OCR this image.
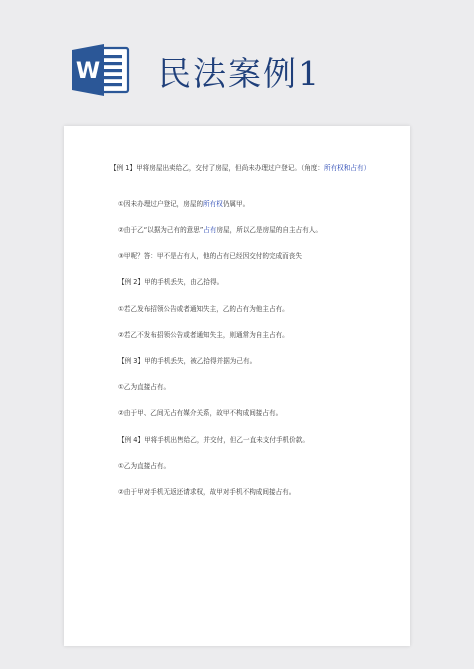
W 民法案例1
【例 1】甲将房屋出卖给乙，交付了房屋，但尚未办理过户登记。（角度：所有权和占有）
①因未办理过户登记，房屋的所有权仍属甲。
②由于乙“以据为己有的意思”占有房屋，所以乙是房屋的自主占有人。
③甲呢？答：甲不是占有人，他的占有已经因交付的完成而丧失
【例 2】甲的手机丢失，由乙拾得。
①若乙发布招领公告或者通知失主，乙的占有为他主占有。
②若乙不发布招领公告或者通知失主，则通常为自主占有。
【例 3】甲的手机丢失，被乙拾得并据为己有。
①乙为直接占有。
②由于甲、乙间无占有媒介关系，故甲不构成间接占有。
【例 4】甲将手机出售给乙，并交付，但乙一直未支付手机价款。
①乙为直接占有。
②由于甲对手机无返还请求权，故甲对手机不构成间接占有。
